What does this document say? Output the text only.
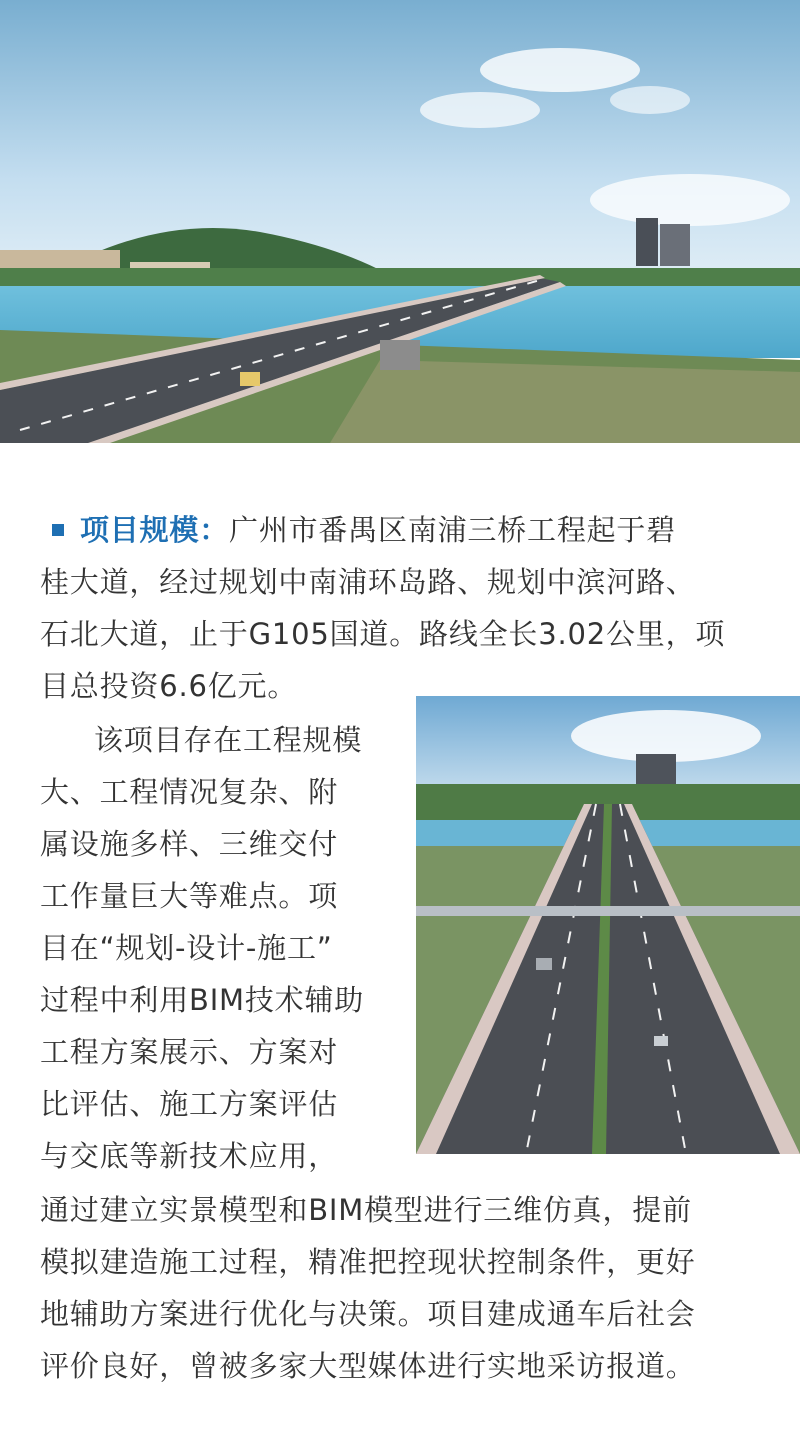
项目规模：广州市番禺区南浦三桥工程起于碧
桂大道，经过规划中南浦环岛路、规划中滨河路、
石北大道，止于G105国道。路线全长3.02公里，项
目总投资6.6亿元。
该项目存在工程规模
大、工程情况复杂、附
属设施多样、三维交付
工作量巨大等难点。项
目在“规划-设计-施工”
过程中利用BIM技术辅助
工程方案展示、方案对
比评估、施工方案评估
与交底等新技术应用，
通过建立实景模型和BIM模型进行三维仿真，提前
模拟建造施工过程，精准把控现状控制条件，更好
地辅助方案进行优化与决策。项目建成通车后社会
评价良好，曾被多家大型媒体进行实地采访报道。
